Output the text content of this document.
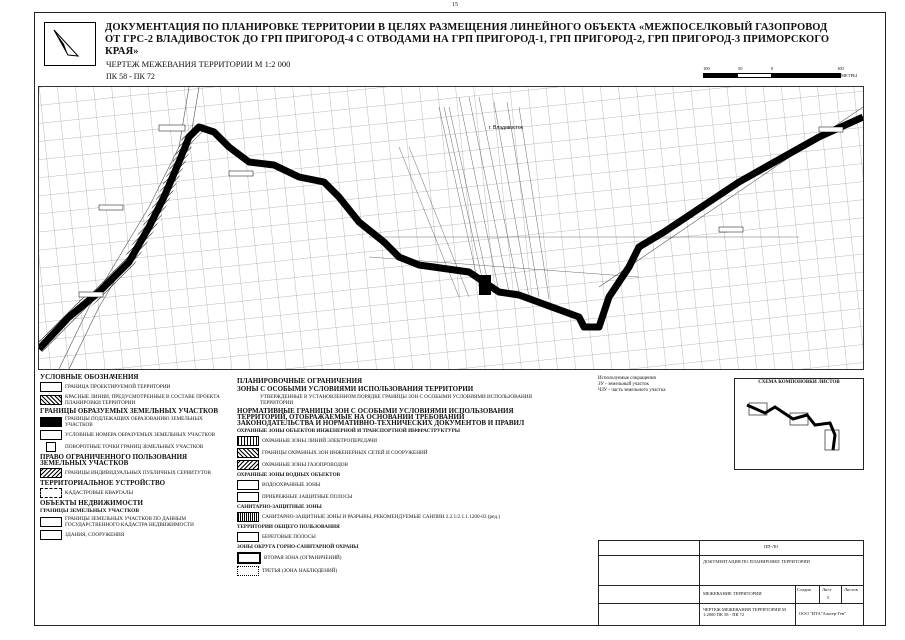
15
ДОКУМЕНТАЦИЯ ПО ПЛАНИРОВКЕ ТЕРРИТОРИИ В ЦЕЛЯХ РАЗМЕЩЕНИЯ ЛИНЕЙНОГО ОБЪЕКТА «МЕЖПОСЕЛКОВЫЙ ГАЗОПРОВОД ОТ ГРС-2 ВЛАДИВОСТОК ДО ГРП ПРИГОРОД-4 С ОТВОДАМИ НА ГРП ПРИГОРОД-1, ГРП ПРИГОРОД-2, ГРП ПРИГОРОД-3 ПРИМОРСКОГО КРАЯ»
ЧЕРТЕЖ МЕЖЕВАНИЯ ТЕРРИТОРИИ М 1:2 000
ПК 58 - ПК 72
100	50	0	100
МЕТРЫ
г. Владивосток
УСЛОВНЫЕ ОБОЗНАЧЕНИЯ
ГРАНИЦА ПРОЕКТИРУЕМОЙ ТЕРРИТОРИИ
КРАСНЫЕ ЛИНИИ, ПРЕДУСМОТРЕННЫЕ В СОСТАВЕ ПРОЕКТА ПЛАНИРОВКИ ТЕРРИТОРИИ
ГРАНИЦЫ ОБРАЗУЕМЫХ ЗЕМЕЛЬНЫХ УЧАСТКОВ
ГРАНИЦЫ ПОДЛЕЖАЩИХ ОБРАЗОВАНИЮ ЗЕМЕЛЬНЫХ УЧАСТКОВ
УСЛОВНЫЕ НОМЕРА ОБРАЗУЕМЫХ ЗЕМЕЛЬНЫХ УЧАСТКОВ
ПОВОРОТНЫЕ ТОЧКИ ГРАНИЦ ЗЕМЕЛЬНЫХ УЧАСТКОВ
ПРАВО ОГРАНИЧЕННОГО ПОЛЬЗОВАНИЯ ЗЕМЕЛЬНЫХ УЧАСТКОВ
ГРАНИЦЫ ИНДИВИДУАЛЬНЫХ ПУБЛИЧНЫХ СЕРВИТУТОВ
ТЕРРИТОРИАЛЬНОЕ УСТРОЙСТВО
КАДАСТРОВЫЕ КВАРТАЛЫ
ОБЪЕКТЫ НЕДВИЖИМОСТИ
ГРАНИЦЫ ЗЕМЕЛЬНЫХ УЧАСТКОВ
ГРАНИЦЫ ЗЕМЕЛЬНЫХ УЧАСТКОВ ПО ДАННЫМ ГОСУДАРСТВЕННОГО КАДАСТРА НЕДВИЖИМОСТИ
ЗДАНИЯ, СООРУЖЕНИЯ
ПЛАНИРОВОЧНЫЕ ОГРАНИЧЕНИЯ
ЗОНЫ С ОСОБЫМИ УСЛОВИЯМИ ИСПОЛЬЗОВАНИЯ ТЕРРИТОРИИ
УТВЕРЖДЕННЫЕ В УСТАНОВЛЕННОМ ПОРЯДКЕ ГРАНИЦЫ ЗОН С ОСОБЫМИ УСЛОВИЯМИ ИСПОЛЬЗОВАНИЯ ТЕРРИТОРИИ
НОРМАТИВНЫЕ ГРАНИЦЫ ЗОН С ОСОБЫМИ УСЛОВИЯМИ ИСПОЛЬЗОВАНИЯ ТЕРРИТОРИЙ, ОТОБРАЖАЕМЫЕ НА ОСНОВАНИИ ТРЕБОВАНИЙ ЗАКОНОДАТЕЛЬСТВА И НОРМАТИВНО-ТЕХНИЧЕСКИХ ДОКУМЕНТОВ И ПРАВИЛ
ОХРАННЫЕ ЗОНЫ ОБЪЕКТОВ ИНЖЕНЕРНОЙ И ТРАНСПОРТНОЙ ИНФРАСТРУКТУРЫ
ОХРАННЫЕ ЗОНЫ ЛИНИЙ ЭЛЕКТРОПЕРЕДАЧИ
ГРАНИЦЫ ОХРАННЫХ ЗОН ИНЖЕНЕРНЫХ СЕТЕЙ И СООРУЖЕНИЙ
ОХРАННЫЕ ЗОНЫ ГАЗОПРОВОДОВ
ОХРАННЫЕ ЗОНЫ ВОДНЫХ ОБЪЕКТОВ
ВОДООХРАННЫЕ ЗОНЫ
ПРИБРЕЖНЫЕ ЗАЩИТНЫЕ ПОЛОСЫ
САНИТАРНО-ЗАЩИТНЫЕ ЗОНЫ
САНИТАРНО-ЗАЩИТНЫЕ ЗОНЫ И РАЗРЫВЫ, РЕКОМЕНДУЕМЫЕ САНПИН 2.2.1/2.1.1.1200-03 (ред.)
ТЕРРИТОРИИ ОБЩЕГО ПОЛЬЗОВАНИЯ
БЕРЕГОВЫЕ ПОЛОСЫ
ЗОНЫ ОКРУГА ГОРНО-САНИТАРНОЙ ОХРАНЫ
ВТОРАЯ ЗОНА (ОГРАНИЧЕНИЙ)
ТРЕТЬЯ (ЗОНА НАБЛЮДЕНИЙ)
Используемые сокращения
ЗУ - земельный участок
ЧЗУ - часть земельного участка
СХЕМА КОМПОНОВКИ ЛИСТОВ
ПП-ЛО
ДОКУМЕНТАЦИЯ ПО ПЛАНИРОВКЕ ТЕРРИТОРИИ
МЕЖЕВАНИЕ ТЕРРИТОРИИ
Стадия	Лист	Листов
5
ЧЕРТЕЖ МЕЖЕВАНИЯ ТЕРРИТОРИИ М 1:2000 ПК 58 - ПК 72	ООО "ИТА"Альтер-Ген"
